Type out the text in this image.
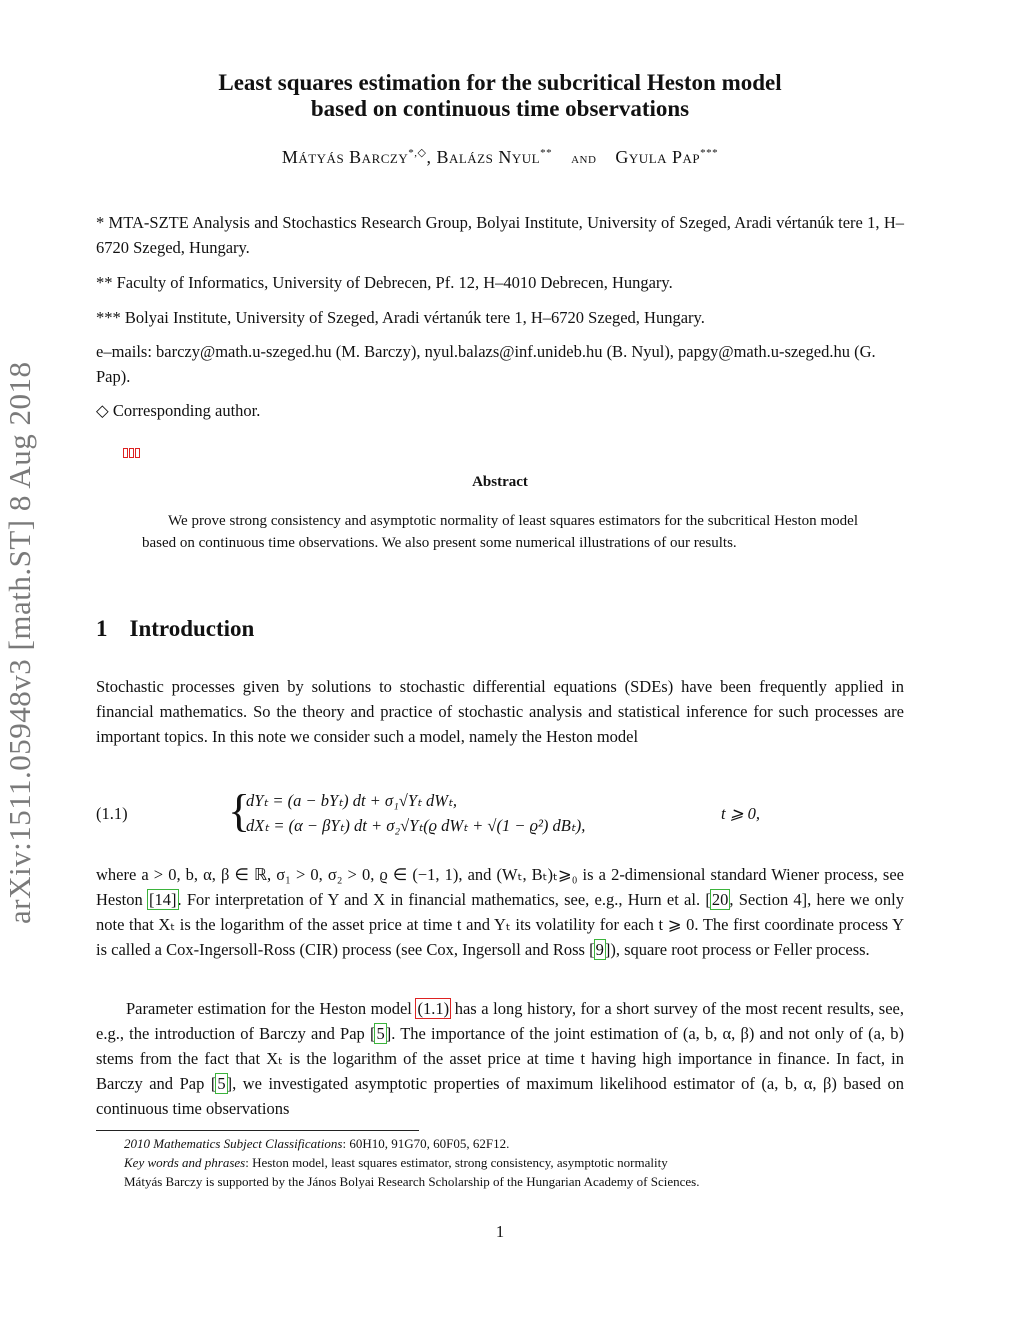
arXiv:1511.05948v3 [math.ST] 8 Aug 2018
Least squares estimation for the subcritical Heston model
based on continuous time observations
Mátyás Barczy*,◇, Balázs Nyul** and Gyula Pap***
* MTA-SZTE Analysis and Stochastics Research Group, Bolyai Institute, University of Szeged, Aradi vértanúk tere 1, H–6720 Szeged, Hungary.
** Faculty of Informatics, University of Debrecen, Pf. 12, H–4010 Debrecen, Hungary.
*** Bolyai Institute, University of Szeged, Aradi vértanúk tere 1, H–6720 Szeged, Hungary.
e–mails: barczy@math.u-szeged.hu (M. Barczy), nyul.balazs@inf.unideb.hu (B. Nyul), papgy@math.u-szeged.hu (G. Pap).
◇ Corresponding author.
Abstract
We prove strong consistency and asymptotic normality of least squares estimators for the subcritical Heston model based on continuous time observations. We also present some numerical illustrations of our results.
1 Introduction
Stochastic processes given by solutions to stochastic differential equations (SDEs) have been frequently applied in financial mathematics. So the theory and practice of stochastic analysis and statistical inference for such processes are important topics. In this note we consider such a model, namely the Heston model
(1.1) {
dYₜ = (a − bYₜ) dt + σ₁√Yₜ dWₜ,
dXₜ = (α − βYₜ) dt + σ₂√Yₜ(ϱ dWₜ + √(1 − ϱ²) dBₜ),
t ⩾ 0,
where a > 0, b, α, β ∈ ℝ, σ₁ > 0, σ₂ > 0, ϱ ∈ (−1, 1), and (Wₜ, Bₜ)ₜ⩾₀ is a 2-dimensional standard Wiener process, see Heston [14]. For interpretation of Y and X in financial mathematics, see, e.g., Hurn et al. [20, Section 4], here we only note that Xₜ is the logarithm of the asset price at time t and Yₜ its volatility for each t ⩾ 0. The first coordinate process Y is called a Cox-Ingersoll-Ross (CIR) process (see Cox, Ingersoll and Ross [9]), square root process or Feller process.
Parameter estimation for the Heston model (1.1) has a long history, for a short survey of the most recent results, see, e.g., the introduction of Barczy and Pap [5]. The importance of the joint estimation of (a, b, α, β) and not only of (a, b) stems from the fact that Xₜ is the logarithm of the asset price at time t having high importance in finance. In fact, in Barczy and Pap [5], we investigated asymptotic properties of maximum likelihood estimator of (a, b, α, β) based on continuous time observations
2010 Mathematics Subject Classifications: 60H10, 91G70, 60F05, 62F12.
Key words and phrases: Heston model, least squares estimator, strong consistency, asymptotic normality
Mátyás Barczy is supported by the János Bolyai Research Scholarship of the Hungarian Academy of Sciences.
1
